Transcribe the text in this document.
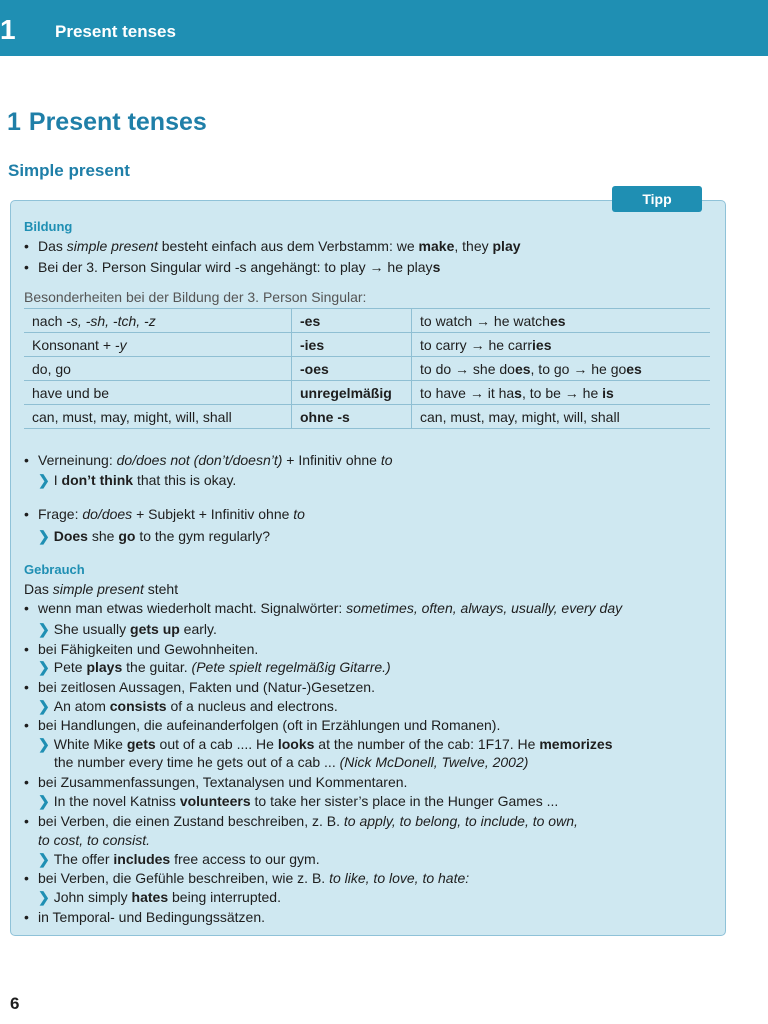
1 Present tenses
1 Present tenses
Simple present
Tipp
Bildung
• Das simple present besteht einfach aus dem Verbstamm: we make, they play
• Bei der 3. Person Singular wird -s angehängt: to play → he plays
Besonderheiten bei der Bildung der 3. Person Singular:
nach -s, -sh, -tch, -z	-es	to watch → he watches
Konsonant + -y	-ies	to carry → he carries
do, go	-oes	to do → she does, to go → he goes
have und be	unregelmäßig	to have → it has, to be → he is
can, must, may, might, will, shall	ohne -s	can, must, may, might, will, shall
• Verneinung: do/does not (don’t/doesn’t) + Infinitiv ohne to
❯ I don’t think that this is okay.
• Frage: do/does + Subjekt + Infinitiv ohne to
❯ Does she go to the gym regularly?
Gebrauch
Das simple present steht
• wenn man etwas wiederholt macht. Signalwörter: sometimes, often, always, usually, every day
❯ She usually gets up early.
• bei Fähigkeiten und Gewohnheiten.
❯ Pete plays the guitar. (Pete spielt regelmäßig Gitarre.)
• bei zeitlosen Aussagen, Fakten und (Natur-)Gesetzen.
❯ An atom consists of a nucleus and electrons.
• bei Handlungen, die aufeinanderfolgen (oft in Erzählungen und Romanen).
❯ White Mike gets out of a cab .... He looks at the number of the cab: 1F17. He memorizes
the number every time he gets out of a cab ... (Nick McDonell, Twelve, 2002)
• bei Zusammenfassungen, Textanalysen und Kommentaren.
❯ In the novel Katniss volunteers to take her sister’s place in the Hunger Games ...
• bei Verben, die einen Zustand beschreiben, z. B. to apply, to belong, to include, to own,
to cost, to consist.
❯ The offer includes free access to our gym.
• bei Verben, die Gefühle beschreiben, wie z. B. to like, to love, to hate:
❯ John simply hates being interrupted.
• in Temporal- und Bedingungssätzen.
6
